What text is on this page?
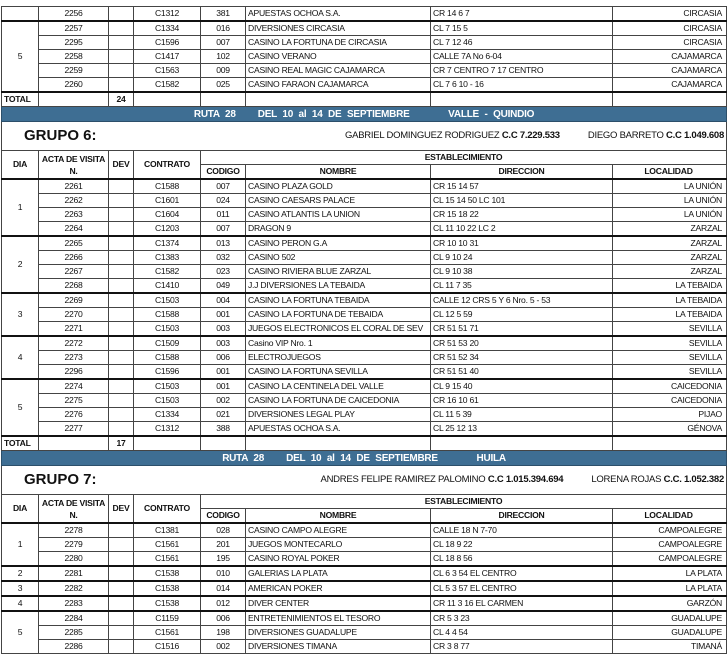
	2256		C1312	381	APUESTAS OCHOA S.A.	CR 14 6 7	CIRCASIA
5	2257		C1334	016	DIVERSIONES CIRCASIA	CL 7 15 5	CIRCASIA
	2295		C1596	007	CASINO LA FORTUNA DE CIRCASIA	CL 7 12 46	CIRCASIA
	2258		C1417	102	CASINO VERANO	CALLE 7A No 6-04	CAJAMARCA
	2259		C1563	009	CASINO REAL MAGIC CAJAMARCA	CR 7 CENTRO 7 17 CENTRO	CAJAMARCA
	2260		C1582	025	CASINO FARAON CAJAMARCA	CL 7 6 10 - 16	CAJAMARCA
TOTAL		24					
RUTA 28    DEL 10 al 14 DE SEPTIEMBRE       VALLE - QUINDIO							

GRUPO 6: GABRIEL DOMINGUEZ RODRIGUEZ C.C 7.229.533 DIEGO BARRETO C.C 1.049.608							

DIA	ACTA DE VISITA N.	DEV	CONTRATO	ESTABLECIMIENTO			
				CODIGO	NOMBRE	DIRECCION	LOCALIDAD
1	2261		C1588	007	CASINO PLAZA GOLD	CR 15 14 57	LA UNIÓN
	2262		C1601	024	CASINO CAESARS PALACE	CL 15 14 50 LC 101	LA UNIÓN
	2263		C1604	011	CASINO ATLANTIS LA UNION	CR 15 18 22	LA UNIÓN
	2264		C1203	007	DRAGON 9	CL 11 10 22 LC 2	ZARZAL
2	2265		C1374	013	CASINO PERON G.A	CR 10 10 31	ZARZAL
	2266		C1383	032	CASINO 502	CL 9 10 24	ZARZAL
	2267		C1582	023	CASINO RIVIERA BLUE ZARZAL	CL 9 10 38	ZARZAL
	2268		C1410	049	J.J DIVERSIONES LA TEBAIDA	CL 11 7 35	LA TEBAIDA
3	2269		C1503	004	CASINO LA FORTUNA TEBAIDA	CALLE 12 CRS 5 Y 6 Nro. 5 - 53	LA TEBAIDA
	2270		C1588	001	CASINO LA FORTUNA DE TEBAIDA	CL 12 5 59	LA TEBAIDA
	2271		C1503	003	JUEGOS ELECTRONICOS EL CORAL DE SEV	CR 51 51 71	SEVILLA
4	2272		C1509	003	Casino VIP Nro. 1	CR 51 53 20	SEVILLA
	2273		C1588	006	ELECTROJUEGOS	CR 51 52 34	SEVILLA
	2296		C1596	001	CASINO LA FORTUNA SEVILLA	CR 51 51 40	SEVILLA
5	2274		C1503	001	CASINO LA CENTINELA DEL VALLE	CL 9 15 40	CAICEDONIA
	2275		C1503	002	CASINO LA FORTUNA DE CAICEDONIA	CR 16 10 61	CAICEDONIA
	2276		C1334	021	DIVERSIONES LEGAL PLAY	CL 11 5 39	PIJAO
	2277		C1312	388	APUESTAS OCHOA S.A.	CL 25 12 13	GÉNOVA
TOTAL		17					
RUTA 28    DEL 10 al 14 DE SEPTIEMBRE       HUILA							

GRUPO 7: ANDRES FELIPE RAMIREZ PALOMINO C.C 1.015.394.694 LORENA ROJAS C.C. 1.052.382							

DIA	ACTA DE VISITA N.	DEV	CONTRATO	ESTABLECIMIENTO			
				CODIGO	NOMBRE	DIRECCION	LOCALIDAD
1	2278		C1381	028	CASINO CAMPO ALEGRE	CALLE 18 N 7-70	CAMPOALEGRE
	2279		C1561	201	JUEGOS MONTECARLO	CL 18 9 22	CAMPOALEGRE
	2280		C1561	195	CASINO ROYAL POKER	CL 18 8 56	CAMPOALEGRE
2	2281		C1538	010	GALERIAS LA PLATA	CL 6 3 54 EL CENTRO	LA PLATA
3	2282		C1538	014	AMERICAN POKER	CL 5 3 57 EL CENTRO	LA PLATA
4	2283		C1538	012	DIVER CENTER	CR 11 3 16 EL CARMEN	GARZÓN
5	2284		C1159	006	ENTRETENIMIENTOS EL TESORO	CR 5 3 23	GUADALUPE
	2285		C1561	198	DIVERSIONES GUADALUPE	CL 4 4 54	GUADALUPE
	2286		C1516	002	DIVERSIONES TIMANA	CR 3 8 77	TIMANÁ
